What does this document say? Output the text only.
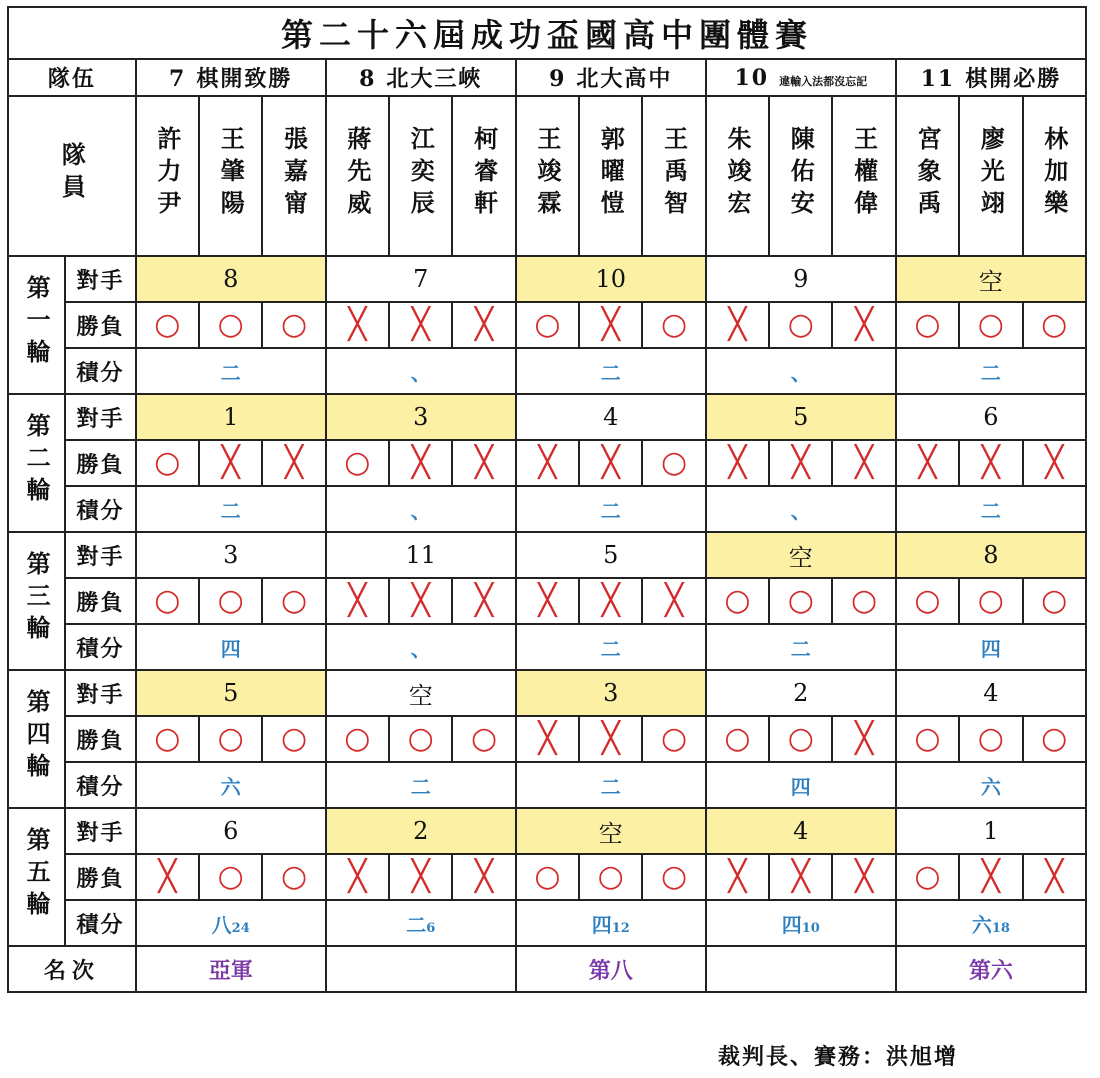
第二十六屆成功盃國高中團體賽																
隊伍		7 棋開致勝			8 北大三峽			9 北大高中			10 違輸入法都沒忘記			11 棋開必勝		
隊員		許力尹	王肇陽	張嘉甯	蔣先威	江奕辰	柯睿軒	王竣霖	郭曜愷	王禹智	朱竣宏	陳佑安	王權偉	宮象禹	廖光翊	林加樂
第一輪	對手	8			7			10			9			空		
	勝負	○	○	○	╳	╳	╳	○	╳	○	╳	○	╳	○	○	○
	積分	二			、			二			、			二		
第二輪	對手	1			3			4			5			6		
	勝負	○	╳	╳	○	╳	╳	╳	╳	○	╳	╳	╳	╳	╳	╳
	積分	二			、			二			、			二		
第三輪	對手	3			11			5			空			8		
	勝負	○	○	○	╳	╳	╳	╳	╳	╳	○	○	○	○	○	○
	積分	四			、			二			二			四		
第四輪	對手	5			空			3			2			4		
	勝負	○	○	○	○	○	○	╳	╳	○	○	○	╳	○	○	○
	積分	六			二			二			四			六		
第五輪	對手	6			2			空			4			1		
	勝負	╳	○	○	╳	╳	╳	○	○	○	╳	╳	╳	○	╳	╳
	積分	八24			二6			四12			四10			六18		
名次		亞軍						第八						第六		
裁判長、賽務：洪旭增
